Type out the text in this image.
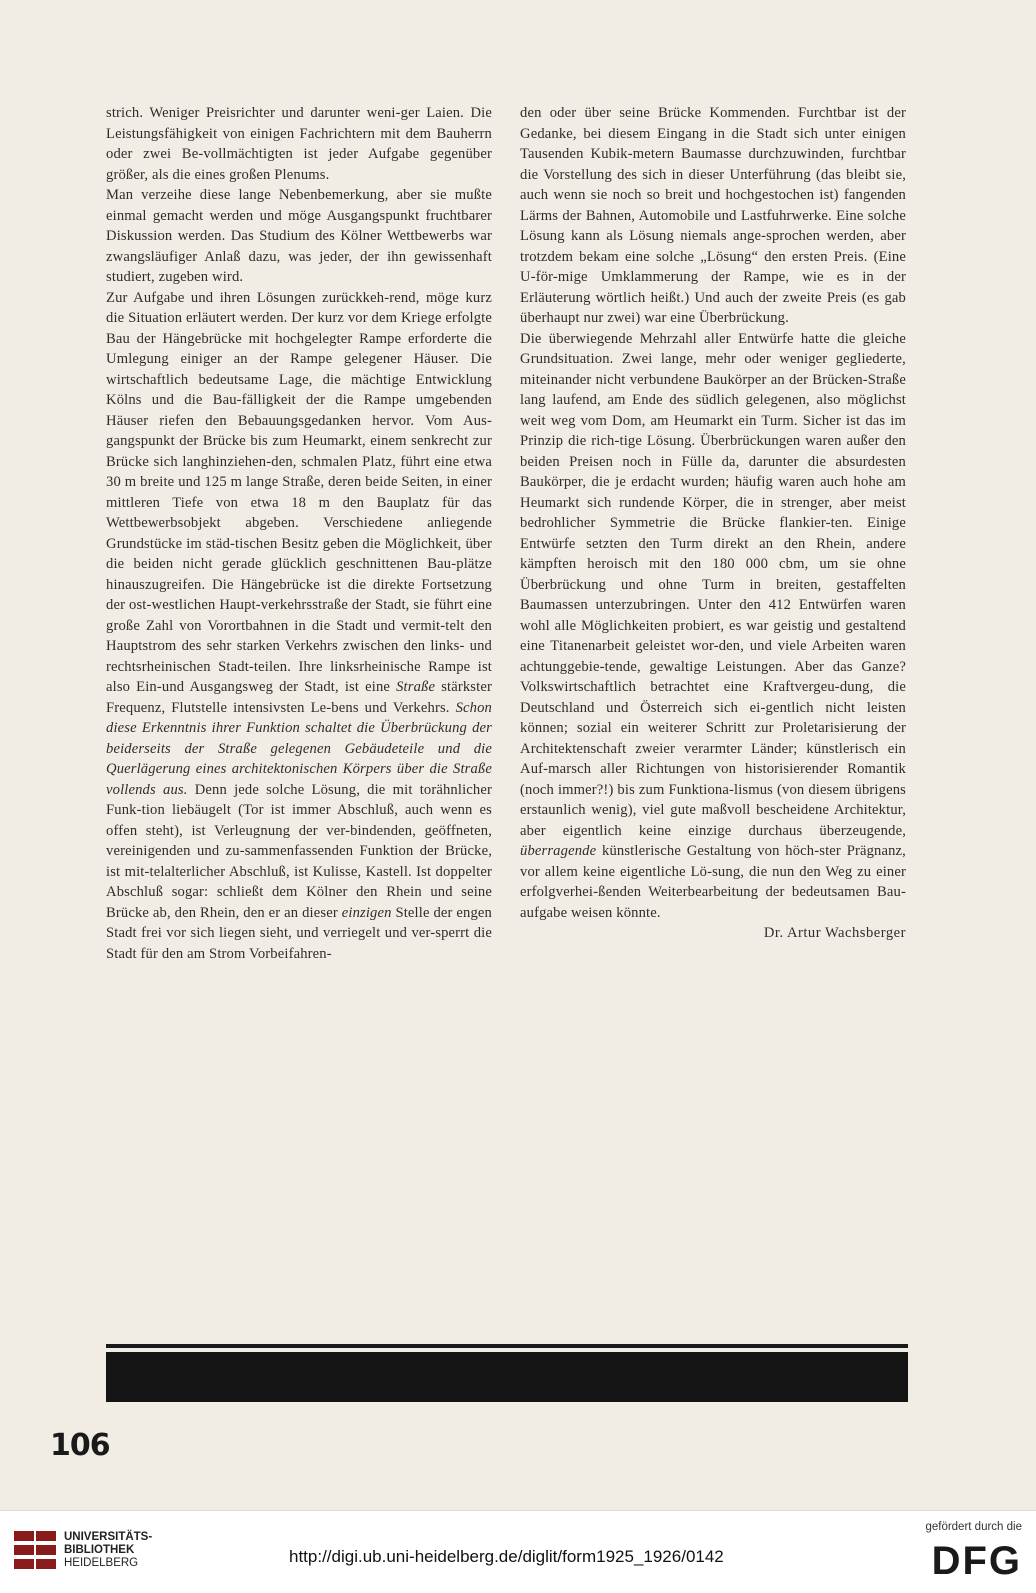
strich. Weniger Preisrichter und darunter weni-ger Laien. Die Leistungsfähigkeit von einigen Fachrichtern mit dem Bauherrn oder zwei Be-vollmächtigten ist jeder Aufgabe gegenüber größer, als die eines großen Plenums.

Man verzeihe diese lange Nebenbemerkung, aber sie mußte einmal gemacht werden und möge Ausgangspunkt fruchtbarer Diskussion werden. Das Studium des Kölner Wettbewerbs war zwangsläufiger Anlaß dazu, was jeder, der ihn gewissenhaft studiert, zugeben wird.

Zur Aufgabe und ihren Lösungen zurückkeh-rend, möge kurz die Situation erläutert werden. Der kurz vor dem Kriege erfolgte Bau der Hängebrücke mit hochgelegter Rampe erforderte die Umlegung einiger an der Rampe gelegener Häuser. Die wirtschaftlich bedeutsame Lage, die mächtige Entwicklung Kölns und die Bau-fälligkeit der die Rampe umgebenden Häuser riefen den Bebauungsgedanken hervor. Vom Aus-gangspunkt der Brücke bis zum Heumarkt, einem senkrecht zur Brücke sich langhinziehen-den, schmalen Platz, führt eine etwa 30 m breite und 125 m lange Straße, deren beide Seiten, in einer mittleren Tiefe von etwa 18 m den Bauplatz für das Wettbewerbsobjekt abgeben. Verschiedene anliegende Grundstücke im städ-tischen Besitz geben die Möglichkeit, über die beiden nicht gerade glücklich geschnittenen Bau-plätze hinauszugreifen. Die Hängebrücke ist die direkte Fortsetzung der ost-westlichen Haupt-verkehrsstraße der Stadt, sie führt eine große Zahl von Vorortbahnen in die Stadt und vermit-telt den Hauptstrom des sehr starken Verkehrs zwischen den links- und rechtsrheinischen Stadt-teilen. Ihre linksrheinische Rampe ist also Ein-und Ausgangsweg der Stadt, ist eine Straße stärkster Frequenz, Flutstelle intensivsten Le-bens und Verkehrs. Schon diese Erkenntnis ihrer Funktion schaltet die Überbrückung der beiderseits der Straße gelegenen Gebäudeteile und die Querlägerung eines architektonischen Körpers über die Straße vollends aus. Denn jede solche Lösung, die mit torähnlicher Funk-tion liebäugelt (Tor ist immer Abschluß, auch wenn es offen steht), ist Verleugnung der ver-bindenden, geöffneten, vereinigenden und zu-sammenfassenden Funktion der Brücke, ist mit-telalterlicher Abschluß, ist Kulisse, Kastell. Ist doppelter Abschluß sogar: schließt dem Kölner den Rhein und seine Brücke ab, den Rhein, den er an dieser einzigen Stelle der engen Stadt frei vor sich liegen sieht, und verriegelt und ver-sperrt die Stadt für den am Strom Vorbeifahren-

den oder über seine Brücke Kommenden. Furchtbar ist der Gedanke, bei diesem Eingang in die Stadt sich unter einigen Tausenden Kubik-metern Baumasse durchzuwinden, furchtbar die Vorstellung des sich in dieser Unterführung (das bleibt sie, auch wenn sie noch so breit und hochgestochen ist) fangenden Lärms der Bahnen, Automobile und Lastfuhrwerke. Eine solche Lösung kann als Lösung niemals ange-sprochen werden, aber trotzdem bekam eine solche „Lösung“ den ersten Preis. (Eine U-för-mige Umklammerung der Rampe, wie es in der Erläuterung wörtlich heißt.) Und auch der zweite Preis (es gab überhaupt nur zwei) war eine Überbrückung.

Die überwiegende Mehrzahl aller Entwürfe hatte die gleiche Grundsituation. Zwei lange, mehr oder weniger gegliederte, miteinander nicht verbundene Baukörper an der Brücken-Straße lang laufend, am Ende des südlich gelegenen, also möglichst weit weg vom Dom, am Heumarkt ein Turm. Sicher ist das im Prinzip die rich-tige Lösung. Überbrückungen waren außer den beiden Preisen noch in Fülle da, darunter die absurdesten Baukörper, die je erdacht wurden; häufig waren auch hohe am Heumarkt sich rundende Körper, die in strenger, aber meist bedrohlicher Symmetrie die Brücke flankier-ten. Einige Entwürfe setzten den Turm direkt an den Rhein, andere kämpften heroisch mit den 180 000 cbm, um sie ohne Überbrückung und ohne Turm in breiten, gestaffelten Baumassen unterzubringen. Unter den 412 Entwürfen waren wohl alle Möglichkeiten probiert, es war geistig und gestaltend eine Titanenarbeit geleistet wor-den, und viele Arbeiten waren achtunggebie-tende, gewaltige Leistungen. Aber das Ganze? Volkswirtschaftlich betrachtet eine Kraftvergeu-dung, die Deutschland und Österreich sich ei-gentlich nicht leisten können; sozial ein weiterer Schritt zur Proletarisierung der Architektenschaft zweier verarmter Länder; künstlerisch ein Auf-marsch aller Richtungen von historisierender Romantik (noch immer?!) bis zum Funktiona-lismus (von diesem übrigens erstaunlich wenig), viel gute maßvoll bescheidene Architektur, aber eigentlich keine einzige durchaus überzeugende, überragende künstlerische Gestaltung von höch-ster Prägnanz, vor allem keine eigentliche Lö-sung, die nun den Weg zu einer erfolgverhei-ßenden Weiterbearbeitung der bedeutsamen Bau-aufgabe weisen könnte.

Dr. Artur Wachsberger

106
UNIVERSITÄTS-
BIBLIOTHEK
HEIDELBERG	http://digi.ub.uni-heidelberg.de/diglit/form1925_1926/0142
gefördert durch die
DFG
